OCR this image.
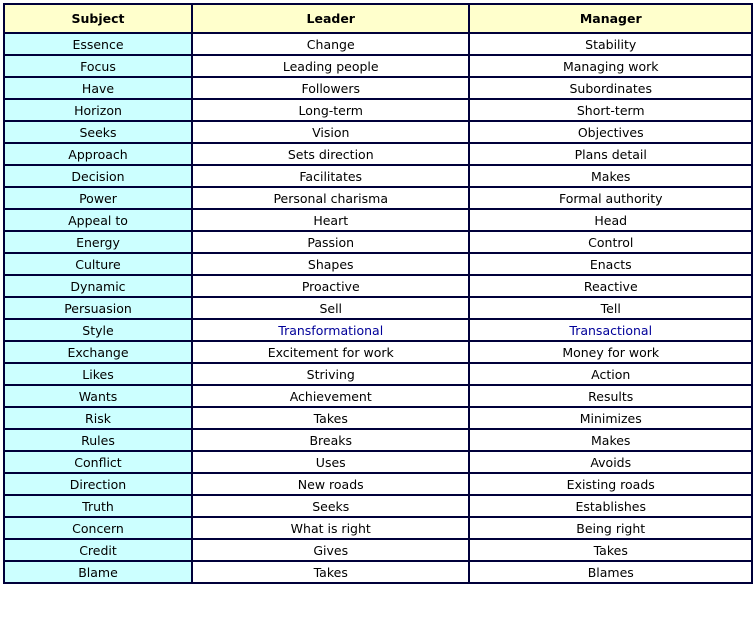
Subject	Leader	Manager
Essence	Change	Stability
Focus	Leading people	Managing work
Have	Followers	Subordinates
Horizon	Long-term	Short-term
Seeks	Vision	Objectives
Approach	Sets direction	Plans detail
Decision	Facilitates	Makes
Power	Personal charisma	Formal authority
Appeal to	Heart	Head
Energy	Passion	Control
Culture	Shapes	Enacts
Dynamic	Proactive	Reactive
Persuasion	Sell	Tell
Style	Transformational	Transactional
Exchange	Excitement for work	Money for work
Likes	Striving	Action
Wants	Achievement	Results
Risk	Takes	Minimizes
Rules	Breaks	Makes
Conflict	Uses	Avoids
Direction	New roads	Existing roads
Truth	Seeks	Establishes
Concern	What is right	Being right
Credit	Gives	Takes
Blame	Takes	Blames
